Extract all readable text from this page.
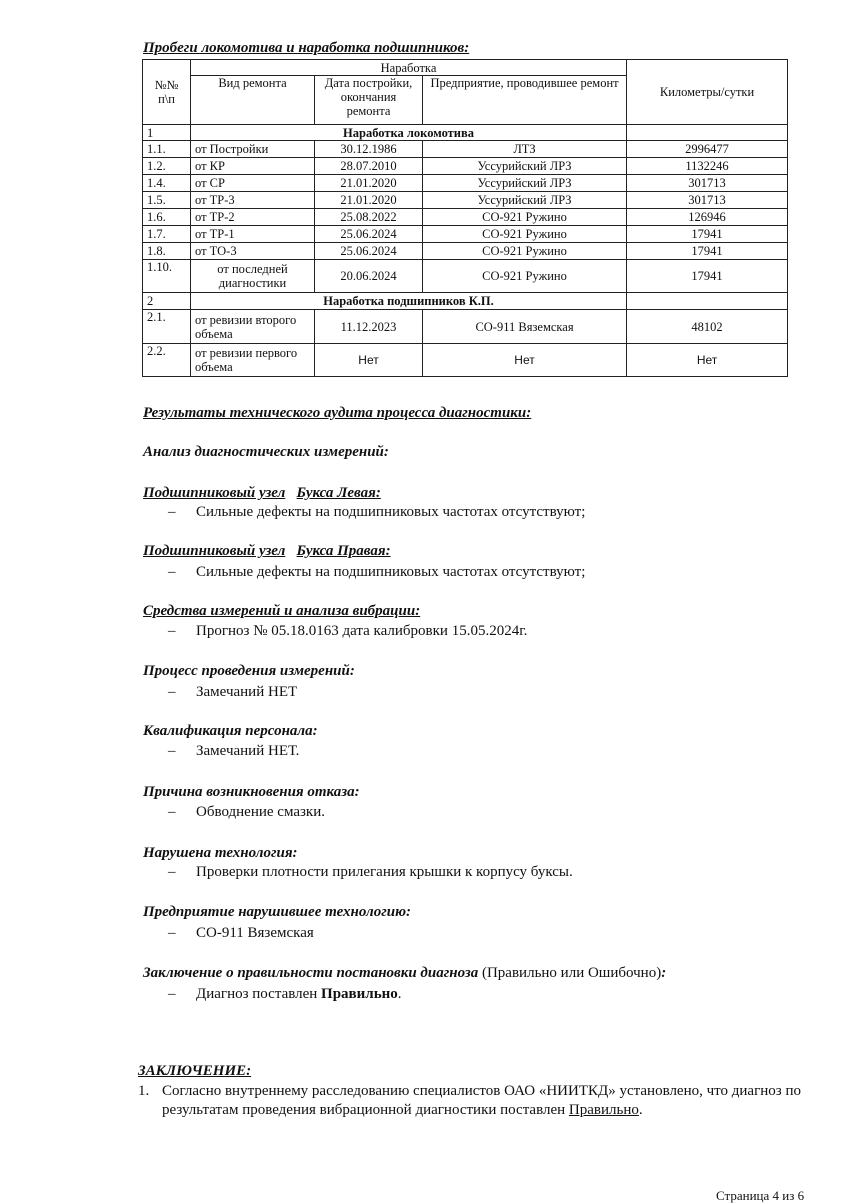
Пробеги локомотива и наработка подшипников:
№№ п\п	Наработка			Километры/сутки
	Вид ремонта	Дата постройки, окончания ремонта	Предприятие, проводившее ремонт	
1	Наработка локомотива			
1.1.	от Постройки	30.12.1986	ЛТЗ	2996477
1.2.	от КР	28.07.2010	Уссурийский ЛРЗ	1132246
1.4.	от СР	21.01.2020	Уссурийский ЛРЗ	301713
1.5.	от ТР-3	21.01.2020	Уссурийский ЛРЗ	301713
1.6.	от ТР-2	25.08.2022	СО-921 Ружино	126946
1.7.	от ТР-1	25.06.2024	СО-921 Ружино	17941
1.8.	от ТО-3	25.06.2024	СО-921 Ружино	17941
1.10.	от последней диагностики	20.06.2024	СО-921 Ружино	17941
2	Наработка подшипников К.П.			
2.1.	от ревизии второго объема	11.12.2023	СО-911 Вяземская	48102
2.2.	от ревизии первого объема	Нет	Нет	Нет
Результаты технического аудита процесса диагностики:
Анализ диагностических измерений:
Подшипниковый узел Букса Левая:
– Сильные дефекты на подшипниковых частотах отсутствуют;
Подшипниковый узел Букса Правая:
– Сильные дефекты на подшипниковых частотах отсутствуют;
Средства измерений и анализа вибрации:
– Прогноз № 05.18.0163 дата калибровки 15.05.2024г.
Процесс проведения измерений:
– Замечаний НЕТ
Квалификация персонала:
– Замечаний НЕТ.
Причина возникновения отказа:
– Обводнение смазки.
Нарушена технология:
– Проверки плотности прилегания крышки к корпусу буксы.
Предприятие нарушившее технологию:
– СО-911 Вяземская
Заключение о правильности постановки диагноза (Правильно или Ошибочно):
– Диагноз поставлен Правильно.
ЗАКЛЮЧЕНИЕ:
1. Согласно внутреннему расследованию специалистов ОАО «НИИТКД» установлено, что диагноз по результатам проведения вибрационной диагностики поставлен Правильно.
Страница 4 из 6
